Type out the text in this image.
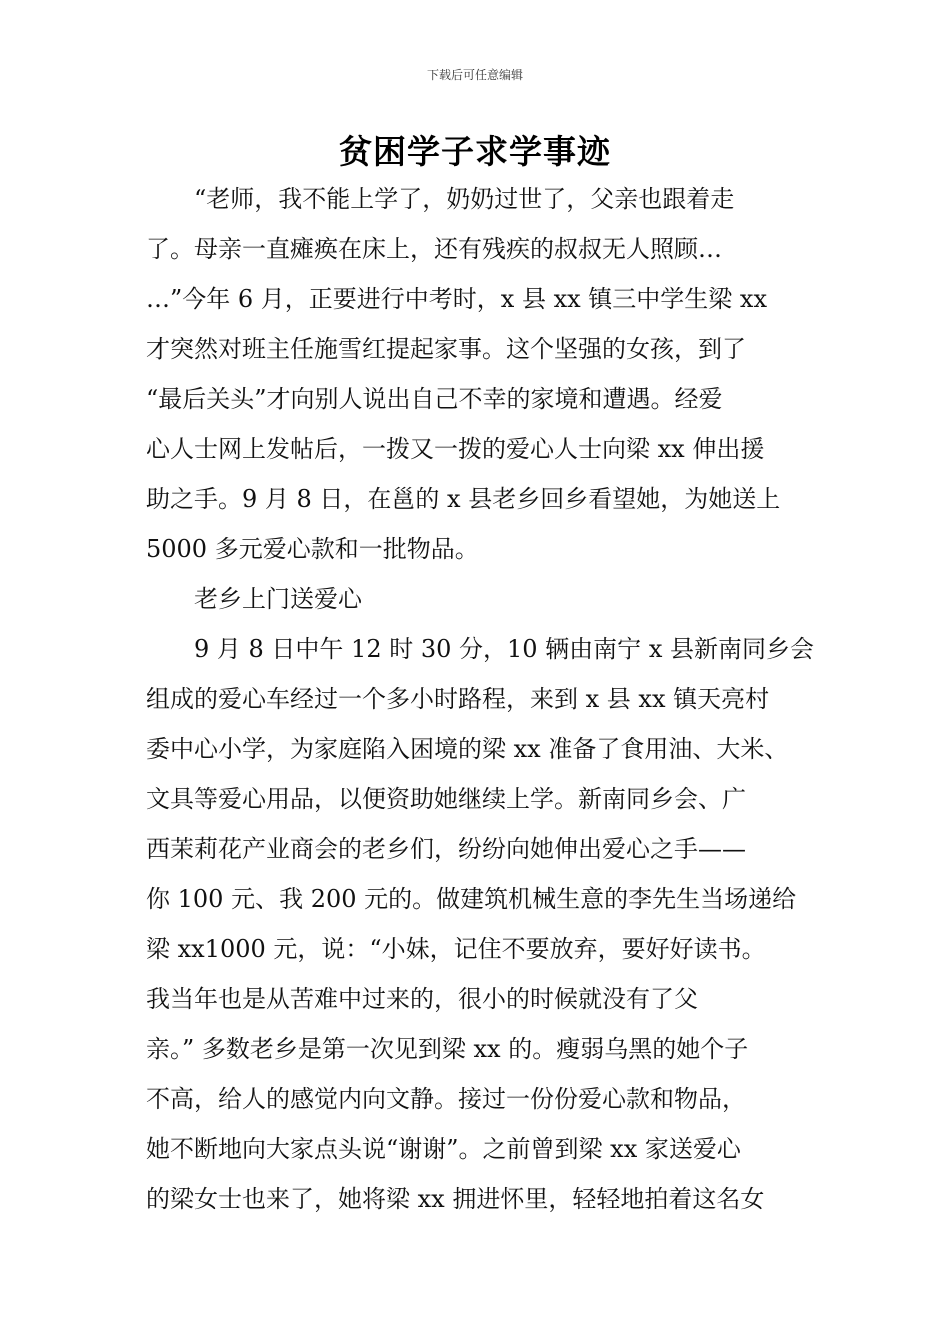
下载后可任意编辑
贫困学子求学事迹
　　“老师，我不能上学了，奶奶过世了，父亲也跟着走
了。母亲一直瘫痪在床上，还有残疾的叔叔无人照顾…
…”今年 6 月，正要进行中考时，x 县 xx 镇三中学生梁 xx
才突然对班主任施雪红提起家事。这个坚强的女孩，到了
“最后关头”才向别人说出自己不幸的家境和遭遇。经爱
心人士网上发帖后，一拨又一拨的爱心人士向梁 xx 伸出援
助之手。9 月 8 日，在邕的 x 县老乡回乡看望她，为她送上
5000 多元爱心款和一批物品。
　　老乡上门送爱心
　　9 月 8 日中午 12 时 30 分，10 辆由南宁 x 县新南同乡会
组成的爱心车经过一个多小时路程，来到 x 县 xx 镇天亮村
委中心小学，为家庭陷入困境的梁 xx 准备了食用油、大米、
文具等爱心用品，以便资助她继续上学。新南同乡会、广
西茉莉花产业商会的老乡们，纷纷向她伸出爱心之手——
你 100 元、我 200 元的。做建筑机械生意的李先生当场递给
梁 xx1000 元，说：“小妹，记住不要放弃，要好好读书。
我当年也是从苦难中过来的，很小的时候就没有了父
亲。” 多数老乡是第一次见到梁 xx 的。瘦弱乌黑的她个子
不高，给人的感觉内向文静。接过一份份爱心款和物品，
她不断地向大家点头说“谢谢”。之前曾到梁 xx 家送爱心
的梁女士也来了，她将梁 xx 拥进怀里，轻轻地拍着这名女
